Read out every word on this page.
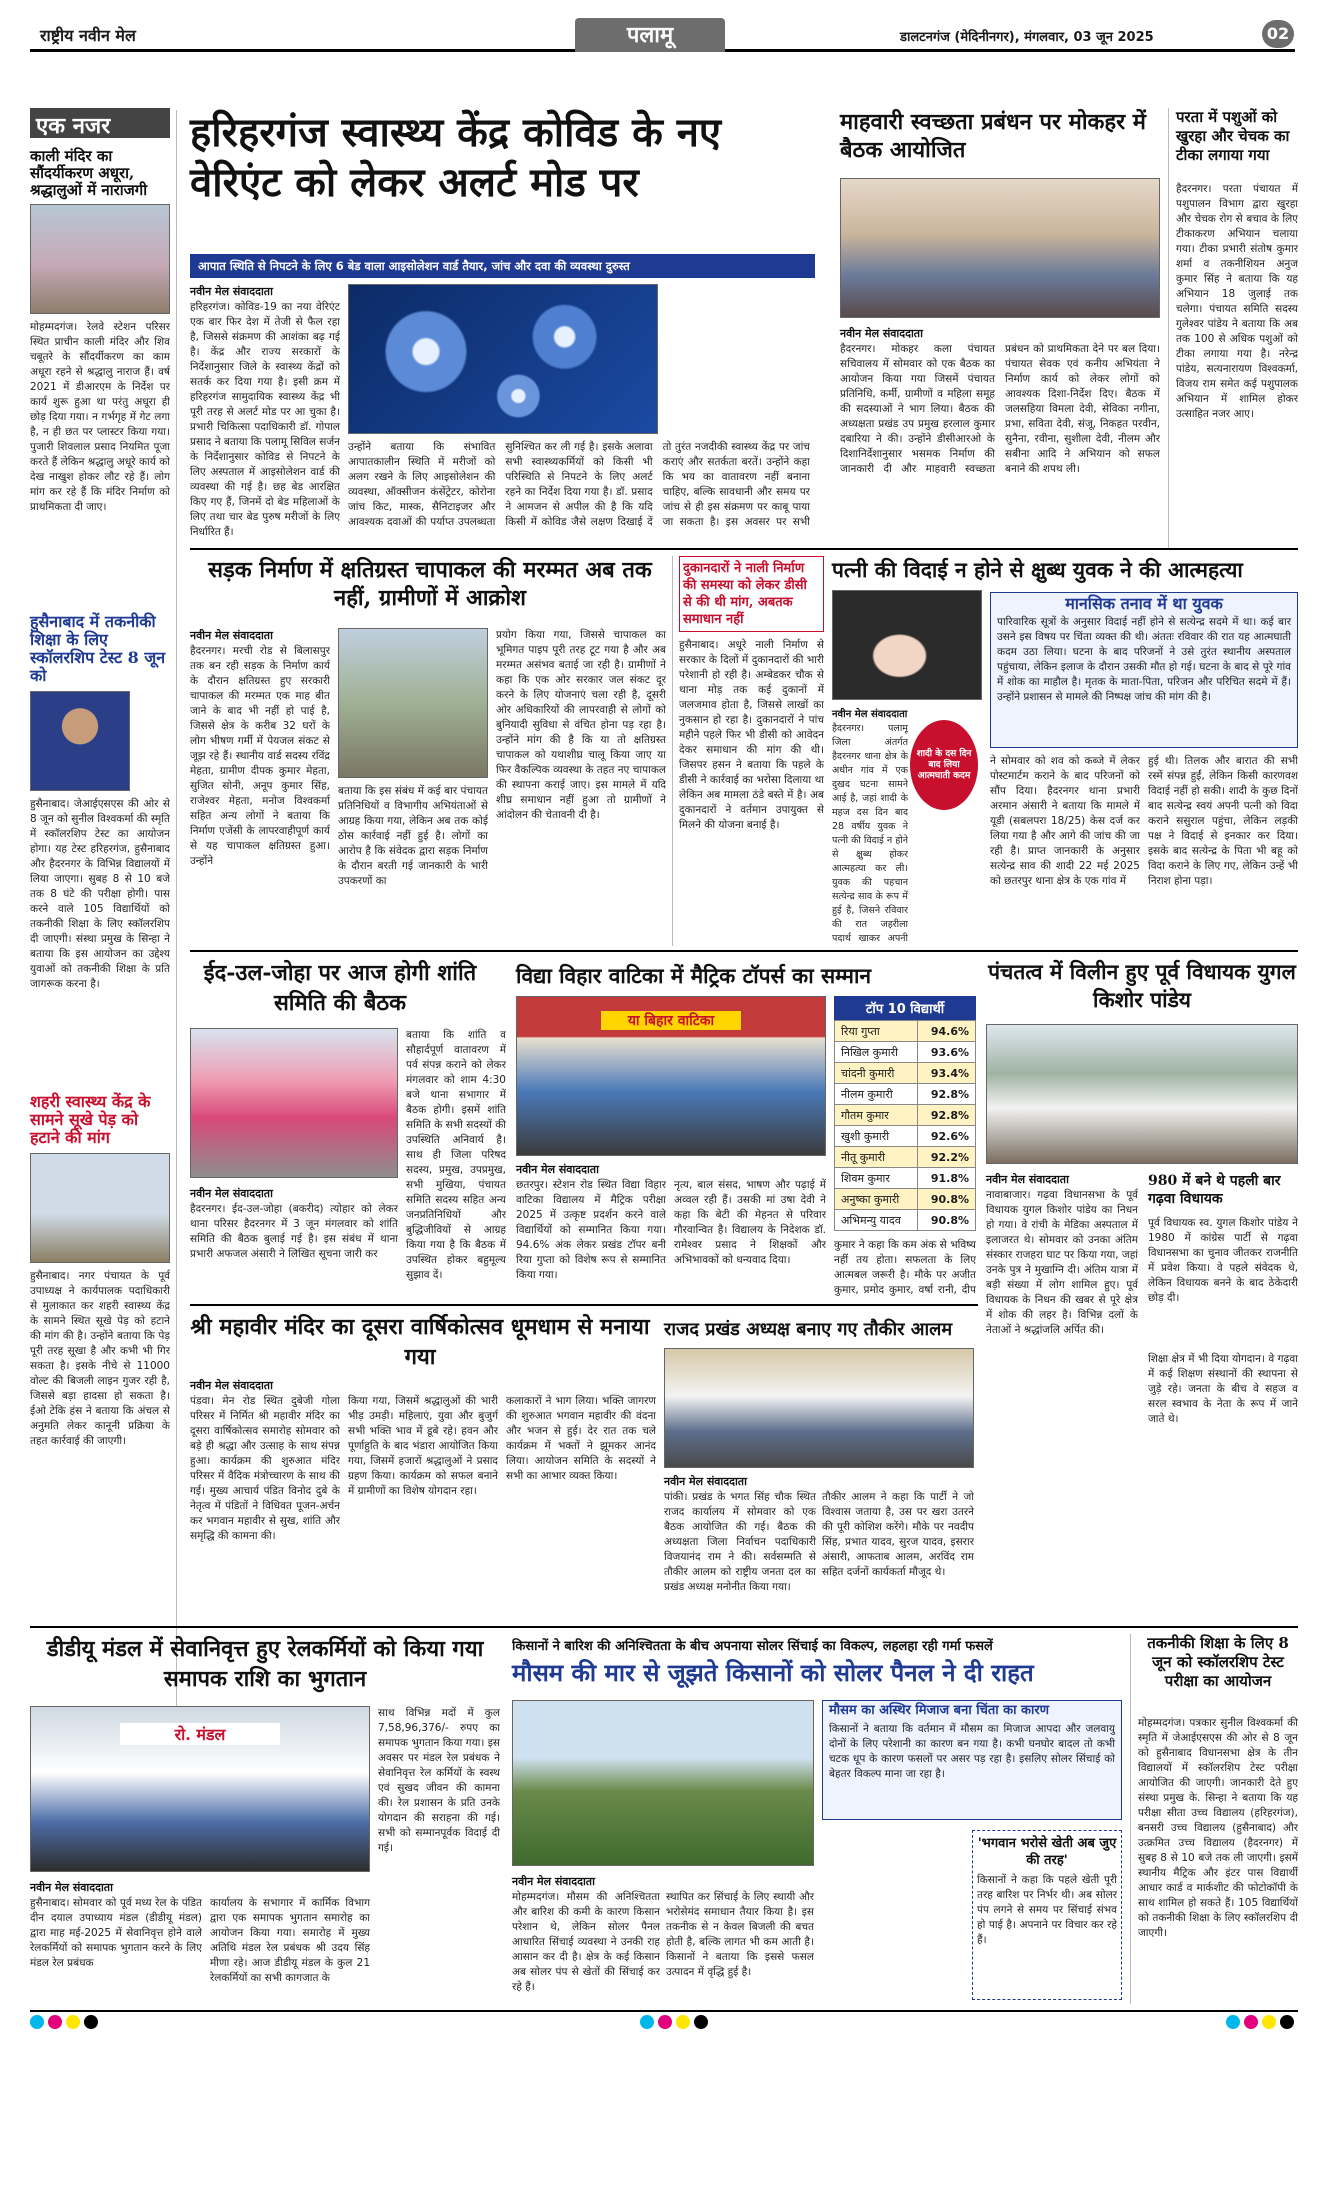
राष्ट्रीय नवीन मेल	पलामू	डालटनगंज (मेदिनीनगर), मंगलवार, 03 जून 2025	02
एक नजर
काली मंदिर का सौंदर्यीकरण अधूरा, श्रद्धालुओं में नाराजगी
मोहम्मदगंज। रेलवे स्टेशन परिसर स्थित प्राचीन काली मंदिर और शिव चबूतरे के सौंदर्यीकरण का काम अधूरा रहने से श्रद्धालु नाराज हैं। वर्ष 2021 में डीआरएम के निर्देश पर कार्य शुरू हुआ था परंतु अधूरा ही छोड़ दिया गया। न गर्भगृह में गेट लगा है, न ही छत पर प्लास्टर किया गया। पुजारी शिवलाल प्रसाद नियमित पूजा करते हैं लेकिन श्रद्धालु अधूरे कार्य को देख नाखुश होकर लौट रहे हैं। लोग मांग कर रहे हैं कि मंदिर निर्माण को प्राथमिकता दी जाए।
हुसैनाबाद में तकनीकी शिक्षा के लिए स्कॉलरशिप टेस्ट 8 जून को
हुसैनाबाद। जेआईएसएस की ओर से 8 जून को सुनील विश्वकर्मा की स्मृति में स्कॉलरशिप टेस्ट का आयोजन होगा। यह टेस्ट हरिहरगंज, हुसैनाबाद और हैदरनगर के विभिन्न विद्यालयों में लिया जाएगा। सुबह 8 से 10 बजे तक 8 घंटे की परीक्षा होगी। पास करने वाले 105 विद्यार्थियों को तकनीकी शिक्षा के लिए स्कॉलरशिप दी जाएगी। संस्था प्रमुख के सिन्हा ने बताया कि इस आयोजन का उद्देश्य युवाओं को तकनीकी शिक्षा के प्रति जागरूक करना है।
शहरी स्वास्थ्य केंद्र के सामने सूखे पेड़ को हटाने की मांग
हुसैनाबाद। नगर पंचायत के पूर्व उपाध्यक्ष ने कार्यपालक पदाधिकारी से मुलाकात कर शहरी स्वास्थ्य केंद्र के सामने स्थित सूखे पेड़ को हटाने की मांग की है। उन्होंने बताया कि पेड़ पूरी तरह सूखा है और कभी भी गिर सकता है। इसके नीचे से 11000 वोल्ट की बिजली लाइन गुजर रही है, जिससे बड़ा हादसा हो सकता है। ईओ टेकि हंस ने बताया कि अंचल से अनुमति लेकर कानूनी प्रक्रिया के तहत कार्रवाई की जाएगी।
हरिहरगंज स्वास्थ्य केंद्र कोविड के नए वेरिएंट को लेकर अलर्ट मोड पर
आपात स्थिति से निपटने के लिए 6 बेड वाला आइसोलेशन वार्ड तैयार, जांच और दवा की व्यवस्था दुरुस्त
नवीन मेल संवाददाता
हरिहरगंज। कोविड-19 का नया वेरिएंट एक बार फिर देश में तेजी से फैल रहा है, जिससे संक्रमण की आशंका बढ़ गई है। केंद्र और राज्य सरकारों के निर्देशानुसार जिले के स्वास्थ्य केंद्रों को सतर्क कर दिया गया है। इसी क्रम में हरिहरगंज सामुदायिक स्वास्थ्य केंद्र भी पूरी तरह से अलर्ट मोड पर आ चुका है। प्रभारी चिकित्सा पदाधिकारी डॉ. गोपाल प्रसाद ने बताया कि पलामू सिविल सर्जन के निर्देशानुसार कोविड से निपटने के लिए अस्पताल में आइसोलेशन वार्ड की व्यवस्था की गई है। छह बेड आरक्षित किए गए हैं, जिनमें दो बेड महिलाओं के लिए तथा चार बेड पुरुष मरीजों के लिए निर्धारित हैं।
उन्होंने बताया कि संभावित आपातकालीन स्थिति में मरीजों को अलग रखने के लिए आइसोलेशन की व्यवस्था, ऑक्सीजन कंसेंट्रेटर, कोरोना जांच किट, मास्क, सैनिटाइजर और आवश्यक दवाओं की पर्याप्त उपलब्धता सुनिश्चित कर ली गई है। इसके अलावा सभी स्वास्थ्यकर्मियों को किसी भी परिस्थिति से निपटने के लिए अलर्ट रहने का निर्देश दिया गया है। डॉ. प्रसाद ने आमजन से अपील की है कि यदि किसी में कोविड जैसे लक्षण दिखाई दें तो तुरंत नजदीकी स्वास्थ्य केंद्र पर जांच कराएं और सतर्कता बरतें। उन्होंने कहा कि भय का वातावरण नहीं बनाना चाहिए, बल्कि सावधानी और समय पर जांच से ही इस संक्रमण पर काबू पाया जा सकता है। इस अवसर पर सभी
माहवारी स्वच्छता प्रबंधन पर मोकहर में बैठक आयोजित
नवीन मेल संवाददाता
हैदरनगर। मोकहर कला पंचायत सचिवालय में सोमवार को एक बैठक का आयोजन किया गया जिसमें पंचायत प्रतिनिधि, कर्मी, ग्रामीणों व महिला समूह की सदस्याओं ने भाग लिया। बैठक की अध्यक्षता प्रखंड उप प्रमुख हरलाल कुमार दबारिया ने की। उन्होंने डीसीआरओ के दिशानिर्देशानुसार भसमक निर्माण की जानकारी दी और माहवारी स्वच्छता प्रबंधन को प्राथमिकता देने पर बल दिया। पंचायत सेवक एवं कनीय अभियंता ने निर्माण कार्य को लेकर लोगों को आवश्यक दिशा-निर्देश दिए। बैठक में जलसहिया विमला देवी, सेविका नगीना, प्रभा, सविता देवी, संजू, निकहत परवीन, सुनैना, रवीना, सुशीला देवी, नीलम और सबीना आदि ने अभियान को सफल बनाने की शपथ ली।
परता में पशुओं को खुरहा और चेचक का टीका लगाया गया
हैदरनगर। परता पंचायत में पशुपालन विभाग द्वारा खुरहा और चेचक रोग से बचाव के लिए टीकाकरण अभियान चलाया गया। टीका प्रभारी संतोष कुमार शर्मा व तकनीशियन अनुज कुमार सिंह ने बताया कि यह अभियान 18 जुलाई तक चलेगा। पंचायत समिति सदस्य गुलेश्वर पांडेय ने बताया कि अब तक 100 से अधिक पशुओं को टीका लगाया गया है। नरेन्द्र पांडेय, सत्यनारायण विश्वकर्मा, विजय राम समेत कई पशुपालक अभियान में शामिल होकर उत्साहित नजर आए।
सड़क निर्माण में क्षतिग्रस्त चापाकल की मरम्मत अब तक नहीं, ग्रामीणों में आक्रोश
नवीन मेल संवाददाता
हैदरनगर। मरची रोड से बिलासपुर तक बन रही सड़क के निर्माण कार्य के दौरान क्षतिग्रस्त हुए सरकारी चापाकल की मरम्मत एक माह बीत जाने के बाद भी नहीं हो पाई है, जिससे क्षेत्र के करीब 32 घरों के लोग भीषण गर्मी में पेयजल संकट से जूझ रहे हैं। स्थानीय वार्ड सदस्य रविंद्र मेहता, ग्रामीण दीपक कुमार मेहता, सुजित सोनी, अनूप कुमार सिंह, राजेश्वर मेहता, मनोज विश्वकर्मा सहित अन्य लोगों ने बताया कि निर्माण एजेंसी के लापरवाहीपूर्ण कार्य से यह चापाकल क्षतिग्रस्त हुआ। उन्होंने
बताया कि इस संबंध में कई बार पंचायत प्रतिनिधियों व विभागीय अभियंताओं से आग्रह किया गया, लेकिन अब तक कोई ठोस कार्रवाई नहीं हुई है। लोगों का आरोप है कि संवेदक द्वारा सड़क निर्माण के दौरान बरती गई जानकारी के भारी उपकरणों का
प्रयोग किया गया, जिससे चापाकल का भूमिगत पाइप पूरी तरह टूट गया है और अब मरम्मत असंभव बताई जा रही है। ग्रामीणों ने कहा कि एक ओर सरकार जल संकट दूर करने के लिए योजनाएं चला रही है, दूसरी ओर अधिकारियों की लापरवाही से लोगों को बुनियादी सुविधा से वंचित होना पड़ रहा है। उन्होंने मांग की है कि या तो क्षतिग्रस्त चापाकल को यथाशीघ्र चालू किया जाए या फिर वैकल्पिक व्यवस्था के तहत नए चापाकल की स्थापना कराई जाए। इस मामले में यदि शीघ्र समाधान नहीं हुआ तो ग्रामीणों ने आंदोलन की चेतावनी दी है।
दुकानदारों ने नाली निर्माण की समस्या को लेकर डीसी से की थी मांग, अबतक समाधान नहीं
हुसैनाबाद। अधूरे नाली निर्माण से सरकार के दिलों में दुकानदारों की भारी परेशानी हो रही है। अम्बेडकर चौक से थाना मोड़ तक कई दुकानों में जलजमाव होता है, जिससे लाखों का नुकसान हो रहा है। दुकानदारों ने पांच महीने पहले फिर भी डीसी को आवेदन देकर समाधान की मांग की थी। जिसपर हसन ने बताया कि पहले के डीसी ने कार्रवाई का भरोसा दिलाया था लेकिन अब मामला ठंडे बस्ते में है। अब दुकानदारों ने वर्तमान उपायुक्त से मिलने की योजना बनाई है।
पत्नी की विदाई न होने से क्षुब्ध युवक ने की आत्महत्या
शादी के दस दिन बाद लिया आत्मघाती कदम
मानसिक तनाव में था युवक
पारिवारिक सूत्रों के अनुसार विदाई नहीं होने से सत्येन्द्र सदमे में था। कई बार उसने इस विषय पर चिंता व्यक्त की थी। अंततः रविवार की रात यह आत्मघाती कदम उठा लिया। घटना के बाद परिजनों ने उसे तुरंत स्थानीय अस्पताल पहुंचाया, लेकिन इलाज के दौरान उसकी मौत हो गई। घटना के बाद से पूरे गांव में शोक का माहौल है। मृतक के माता-पिता, परिजन और परिचित सदमे में हैं। उन्होंने प्रशासन से मामले की निष्पक्ष जांच की मांग की है।
नवीन मेल संवाददाता
हैदरनगर। पलामू जिला अंतर्गत हैदरनगर थाना क्षेत्र के अधीन गांव में एक दुखद घटना सामने आई है, जहां शादी के महज दस दिन बाद 28 वर्षीय युवक ने पत्नी की विदाई न होने से क्षुब्ध होकर आत्महत्या कर ली। युवक की पहचान सत्येन्द्र साव के रूप में हुई है, जिसने रविवार की रात जहरीला पदार्थ खाकर अपनी
ने सोमवार को शव को कब्जे में लेकर पोस्टमार्टम कराने के बाद परिजनों को सौंप दिया। हैदरनगर थाना प्रभारी अरमान अंसारी ने बताया कि मामले में यूडी (सबलपरा 18/25) केस दर्ज कर लिया गया है और आगे की जांच की जा रही है। प्राप्त जानकारी के अनुसार सत्येन्द्र साव की शादी 22 मई 2025 को छतरपुर थाना क्षेत्र के एक गांव में
हुई थी। तिलक और बारात की सभी रस्में संपन्न हुईं, लेकिन किसी कारणवश विदाई नहीं हो सकी। शादी के कुछ दिनों बाद सत्येन्द्र स्वयं अपनी पत्नी को विदा कराने ससुराल पहुंचा, लेकिन लड़की पक्ष ने विदाई से इनकार कर दिया। इसके बाद सत्येन्द्र के पिता भी बहू को विदा कराने के लिए गए, लेकिन उन्हें भी निराश होना पड़ा।
ईद-उल-जोहा पर आज होगी शांति समिति की बैठक
नवीन मेल संवाददाता
हैदरनगर। ईद-उल-जोहा (बकरीद) त्योहार को लेकर थाना परिसर हैदरनगर में 3 जून मंगलवार को शांति समिति की बैठक बुलाई गई है। इस संबंध में थाना प्रभारी अफजल अंसारी ने लिखित सूचना जारी कर
बताया कि शांति व सौहार्दपूर्ण वातावरण में पर्व संपन्न कराने को लेकर मंगलवार को शाम 4:30 बजे थाना सभागार में बैठक होगी। इसमें शांति समिति के सभी सदस्यों की उपस्थिति अनिवार्य है। साथ ही जिला परिषद सदस्य, प्रमुख, उपप्रमुख, सभी मुखिया, पंचायत समिति सदस्य सहित अन्य जनप्रतिनिधियों और बुद्धिजीवियों से आग्रह किया गया है कि बैठक में उपस्थित होकर बहुमूल्य सुझाव दें।
विद्या विहार वाटिका में मैट्रिक टॉपर्स का सम्मान
या बिहार वाटिका
नवीन मेल संवाददाता
छतरपुर। स्टेशन रोड स्थित विद्या विहार वाटिका विद्यालय में मैट्रिक परीक्षा 2025 में उत्कृष्ट प्रदर्शन करने वाले विद्यार्थियों को सम्मानित किया गया। 94.6% अंक लेकर प्रखंड टॉपर बनी रिया गुप्ता को विशेष रूप से सम्मानित किया गया।
नृत्य, बाल संसद, भाषण और पढ़ाई में अव्वल रही हैं। उसकी मां उषा देवी ने कहा कि बेटी की मेहनत से परिवार गौरवान्वित है। विद्यालय के निदेशक डॉ. रामेश्वर प्रसाद ने शिक्षकों और अभिभावकों को धन्यवाद दिया।
टॉप 10 विद्यार्थी
रिया गुप्ता	94.6%
निखिल कुमारी	93.6%
चांदनी कुमारी	93.4%
नीलम कुमारी	92.8%
गौतम कुमार	92.8%
खुशी कुमारी	92.6%
नीतू कुमारी	92.2%
शिवम कुमार	91.8%
अनुष्का कुमारी	90.8%
अभिमन्यु यादव	90.8%
कुमार ने कहा कि कम अंक से भविष्य नहीं तय होता। सफलता के लिए आत्मबल जरूरी है। मौके पर अजीत कुमार, प्रमोद कुमार, वर्षा रानी, दीप
पंचतत्व में विलीन हुए पूर्व विधायक युगल किशोर पांडेय
नवीन मेल संवाददाता
नावाबाजार। गढ़वा विधानसभा के पूर्व विधायक युगल किशोर पांडेय का निधन हो गया। वे रांची के मेडिका अस्पताल में इलाजरत थे। सोमवार को उनका अंतिम संस्कार राजहरा घाट पर किया गया, जहां उनके पुत्र ने मुखाग्नि दी। अंतिम यात्रा में बड़ी संख्या में लोग शामिल हुए। पूर्व विधायक के निधन की खबर से पूरे क्षेत्र में शोक की लहर है। विभिन्न दलों के नेताओं ने श्रद्धांजलि अर्पित की।
980 में बने थे पहली बार गढ़वा विधायक
पूर्व विधायक स्व. युगल किशोर पांडेय ने 1980 में कांग्रेस पार्टी से गढ़वा विधानसभा का चुनाव जीतकर राजनीति में प्रवेश किया। वे पहले संवेदक थे, लेकिन विधायक बनने के बाद ठेकेदारी छोड़ दी।
शिक्षा क्षेत्र में भी दिया योगदान। वे गढ़वा में कई शिक्षण संस्थानों की स्थापना से जुड़े रहे। जनता के बीच वे सहज व सरल स्वभाव के नेता के रूप में जाने जाते थे।
श्री महावीर मंदिर का दूसरा वार्षिकोत्सव धूमधाम से मनाया गया
नवीन मेल संवाददाता
पंडवा। मेन रोड स्थित दुबेजी गोला परिसर में निर्मित श्री महावीर मंदिर का दूसरा वार्षिकोत्सव समारोह सोमवार को बड़े ही श्रद्धा और उत्साह के साथ संपन्न हुआ। कार्यक्रम की शुरुआत मंदिर परिसर में वैदिक मंत्रोच्चारण के साथ की गई। मुख्य आचार्य पंडित विनोद दुबे के नेतृत्व में पंडितों ने विधिवत पूजन-अर्चन कर भगवान महावीर से सुख, शांति और समृद्धि की कामना की।
किया गया, जिसमें श्रद्धालुओं की भारी भीड़ उमड़ी। महिलाएं, युवा और बुजुर्ग सभी भक्ति भाव में डूबे रहे। हवन और पूर्णाहुति के बाद भंडारा आयोजित किया गया, जिसमें हजारों श्रद्धालुओं ने प्रसाद ग्रहण किया। कार्यक्रम को सफल बनाने में ग्रामीणों का विशेष योगदान रहा।
कलाकारों ने भाग लिया। भक्ति जागरण की शुरुआत भगवान महावीर की वंदना और भजन से हुई। देर रात तक चले कार्यक्रम में भक्तों ने झूमकर आनंद लिया। आयोजन समिति के सदस्यों ने सभी का आभार व्यक्त किया।
राजद प्रखंड अध्यक्ष बनाए गए तौकीर आलम
नवीन मेल संवाददाता
पांकी। प्रखंड के भगत सिंह चौक स्थित राजद कार्यालय में सोमवार को एक बैठक आयोजित की गई। बैठक की अध्यक्षता जिला निर्वाचन पदाधिकारी विजयानंद राम ने की। सर्वसम्मति से तौकीर आलम को राष्ट्रीय जनता दल का प्रखंड अध्यक्ष मनोनीत किया गया।
तौकीर आलम ने कहा कि पार्टी ने जो विश्वास जताया है, उस पर खरा उतरने की पूरी कोशिश करेंगे। मौके पर नवदीप सिंह, प्रभात यादव, सुरज यादव, इसरार अंसारी, आफताब आलम, अरविंद राम सहित दर्जनों कार्यकर्ता मौजूद थे।
डीडीयू मंडल में सेवानिवृत्त हुए रेलकर्मियों को किया गया समापक राशि का भुगतान
रो. मंडल
नवीन मेल संवाददाता
हुसैनाबाद। सोमवार को पूर्व मध्य रेल के पंडित दीन दयाल उपाध्याय मंडल (डीडीयू मंडल) द्वारा माह मई-2025 में सेवानिवृत्त होने वाले रेलकर्मियों को समापक भुगतान करने के लिए मंडल रेल प्रबंधक
कार्यालय के सभागार में कार्मिक विभाग द्वारा एक समापक भुगतान समारोह का आयोजन किया गया। समारोह में मुख्य अतिथि मंडल रेल प्रबंधक श्री उदय सिंह मीणा रहे। आज डीडीयू मंडल के कुल 21 रेलकर्मियों का सभी कागजात के
साथ विभिन्न मदों में कुल 7,58,96,376/- रुपए का समापक भुगतान किया गया। इस अवसर पर मंडल रेल प्रबंधक ने सेवानिवृत्त रेल कर्मियों के स्वस्थ एवं सुखद जीवन की कामना की। रेल प्रशासन के प्रति उनके योगदान की सराहना की गई। सभी को सम्मानपूर्वक विदाई दी गई।
किसानों ने बारिश की अनिश्चितता के बीच अपनाया सोलर सिंचाई का विकल्प, लहलहा रही गर्मा फसलें
मौसम की मार से जूझते किसानों को सोलर पैनल ने दी राहत
नवीन मेल संवाददाता
मोहम्मदगंज। मौसम की अनिश्चितता और बारिश की कमी के कारण किसान परेशान थे, लेकिन सोलर पैनल आधारित सिंचाई व्यवस्था ने उनकी राह आसान कर दी है। क्षेत्र के कई किसान अब सोलर पंप से खेतों की सिंचाई कर रहे हैं।
स्थापित कर सिंचाई के लिए स्थायी और भरोसेमंद समाधान तैयार किया है। इस तकनीक से न केवल बिजली की बचत होती है, बल्कि लागत भी कम आती है। किसानों ने बताया कि इससे फसल उत्पादन में वृद्धि हुई है।
मौसम का अस्थिर मिजाज बना चिंता का कारण
किसानों ने बताया कि वर्तमान में मौसम का मिजाज आपदा और जलवायु दोनों के लिए परेशानी का कारण बन गया है। कभी घनघोर बादल तो कभी चटक धूप के कारण फसलों पर असर पड़ रहा है। इसलिए सोलर सिंचाई को बेहतर विकल्प माना जा रहा है।
'भगवान भरोसे खेती अब जुए की तरह'
किसानों ने कहा कि पहले खेती पूरी तरह बारिश पर निर्भर थी। अब सोलर पंप लगने से समय पर सिंचाई संभव हो पाई है। अपनाने पर विचार कर रहे हैं।
तकनीकी शिक्षा के लिए 8 जून को स्कॉलरशिप टेस्ट परीक्षा का आयोजन
मोहम्मदगंज। पत्रकार सुनील विश्वकर्मा की स्मृति में जेआईएसएस की ओर से 8 जून को हुसैनाबाद विधानसभा क्षेत्र के तीन विद्यालयों में स्कॉलरशिप टेस्ट परीक्षा आयोजित की जाएगी। जानकारी देते हुए संस्था प्रमुख के. सिन्हा ने बताया कि यह परीक्षा सीता उच्च विद्यालय (हरिहरगंज), बनसरी उच्च विद्यालय (हुसैनाबाद) और उत्क्रमित उच्च विद्यालय (हैदरनगर) में सुबह 8 से 10 बजे तक ली जाएगी। इसमें स्थानीय मैट्रिक और इंटर पास विद्यार्थी आधार कार्ड व मार्कशीट की फोटोकॉपी के साथ शामिल हो सकते हैं। 105 विद्यार्थियों को तकनीकी शिक्षा के लिए स्कॉलरशिप दी जाएगी।
